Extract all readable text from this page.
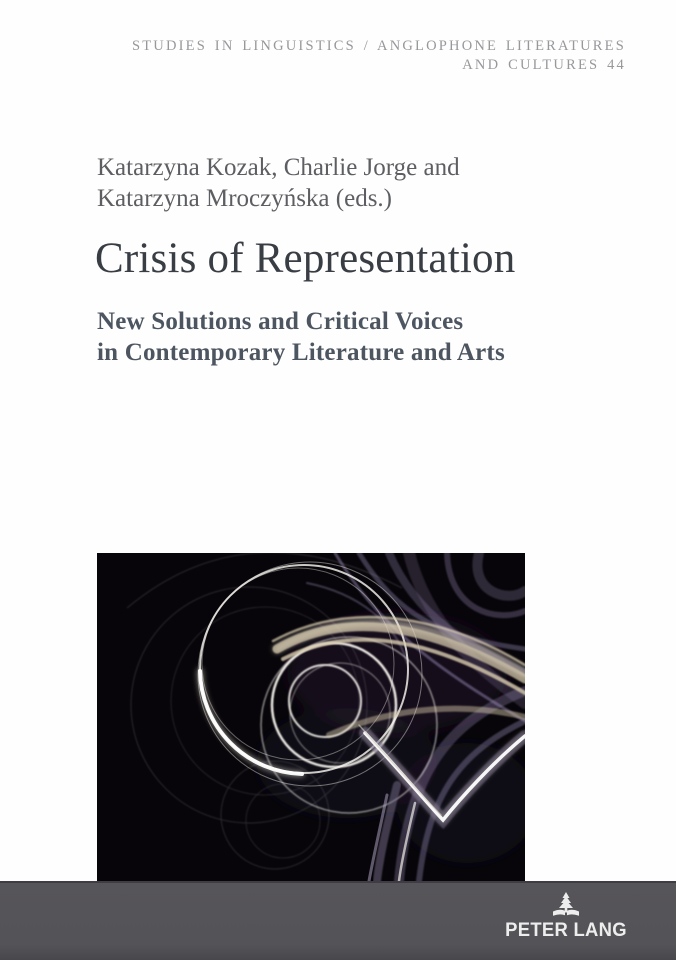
STUDIES IN LINGUISTICS / ANGLOPHONE LITERATURES
AND CULTURES 44
Katarzyna Kozak, Charlie Jorge and
Katarzyna Mroczyńska (eds.)
Crisis of Representation
New Solutions and Critical Voices
in Contemporary Literature and Arts
PETER LANG
